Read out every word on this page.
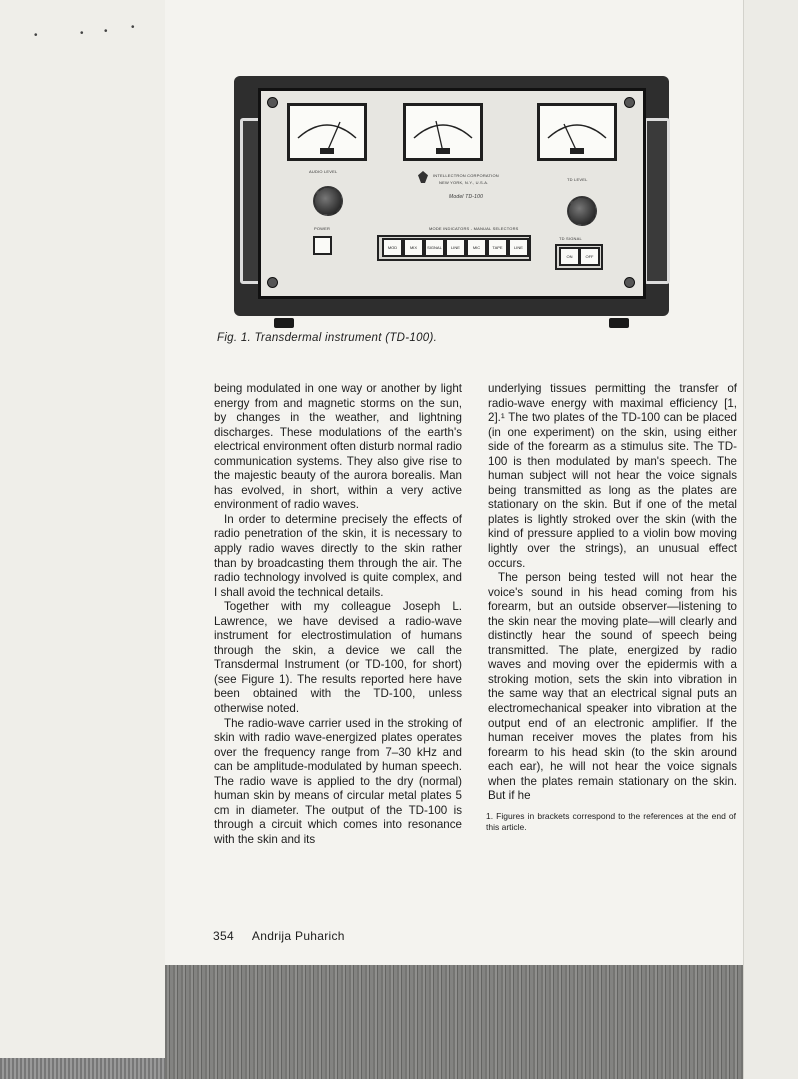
•	• • •
AUDIO LEVEL
INTELLECTRON CORPORATION
NEW YORK, N.Y., U.S.A.
Model TD-100
TD LEVEL
POWER	MODE INDICATORS - MANUAL SELECTORS
MOD	MIX	SIGNAL	LINE	MIC	TAPE	LINE
TD SIGNAL
ON	OFF
Fig. 1. Transdermal instrument (TD-100).

being modulated in one way or another by light energy from and magnetic storms on the sun, by changes in the weather, and lightning discharges. These modulations of the earth's electrical environment often disturb normal radio communication systems. They also give rise to the majestic beauty of the aurora borealis. Man has evolved, in short, within a very active environment of radio waves.

In order to determine precisely the effects of radio penetration of the skin, it is necessary to apply radio waves directly to the skin rather than by broadcasting them through the air. The radio technology involved is quite complex, and I shall avoid the technical details.

Together with my colleague Joseph L. Lawrence, we have devised a radio-wave instrument for electrostimulation of humans through the skin, a device we call the Transdermal Instrument (or TD-100, for short) (see Figure 1). The results reported here have been obtained with the TD-100, unless otherwise noted.

The radio-wave carrier used in the stroking of skin with radio wave-energized plates operates over the frequency range from 7–30 kHz and can be amplitude-modulated by human speech. The radio wave is applied to the dry (normal) human skin by means of circular metal plates 5 cm in diameter. The output of the TD-100 is through a circuit which comes into resonance with the skin and its

underlying tissues permitting the transfer of radio-wave energy with maximal efficiency [1, 2].¹ The two plates of the TD-100 can be placed (in one experiment) on the skin, using either side of the forearm as a stimulus site. The TD-100 is then modulated by man's speech. The human subject will not hear the voice signals being transmitted as long as the plates are stationary on the skin. But if one of the metal plates is lightly stroked over the skin (with the kind of pressure applied to a violin bow moving lightly over the strings), an unusual effect occurs.

The person being tested will not hear the voice's sound in his head coming from his forearm, but an outside observer—listening to the skin near the moving plate—will clearly and distinctly hear the sound of speech being transmitted. The plate, energized by radio waves and moving over the epidermis with a stroking motion, sets the skin into vibration in the same way that an electrical signal puts an electromechanical speaker into vibration at the output end of an electronic amplifier. If the human receiver moves the plates from his forearm to his head skin (to the skin around each ear), he will not hear the voice signals when the plates remain stationary on the skin. But if he

1. Figures in brackets correspond to the references at the end of this article.
354 Andrija Puharich
